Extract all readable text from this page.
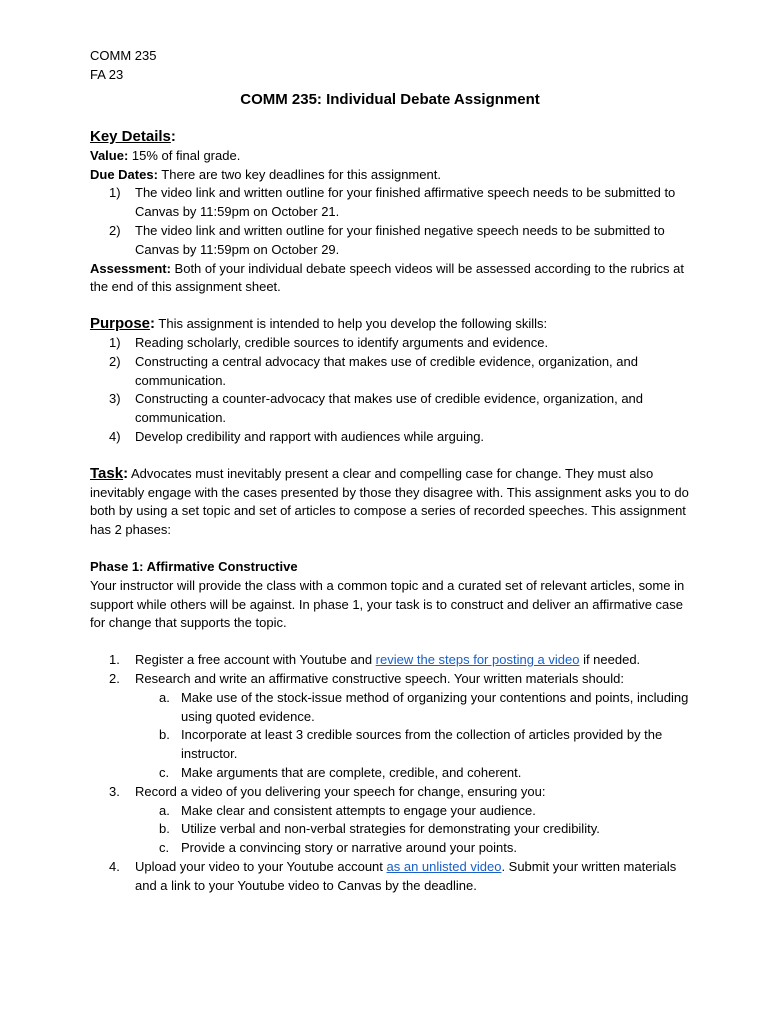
COMM 235
FA 23
COMM 235: Individual Debate Assignment
Key Details:
Value: 15% of final grade.
Due Dates: There are two key deadlines for this assignment.
1)	The video link and written outline for your finished affirmative speech needs to be submitted to Canvas by 11:59pm on October 21.
2)	The video link and written outline for your finished negative speech needs to be submitted to Canvas by 11:59pm on October 29.
Assessment: Both of your individual debate speech videos will be assessed according to the rubrics at the end of this assignment sheet.
Purpose: This assignment is intended to help you develop the following skills:
1)	Reading scholarly, credible sources to identify arguments and evidence.
2)	Constructing a central advocacy that makes use of credible evidence, organization, and communication.
3)	Constructing a counter-advocacy that makes use of credible evidence, organization, and communication.
4)	Develop credibility and rapport with audiences while arguing.
Task: Advocates must inevitably present a clear and compelling case for change. They must also inevitably engage with the cases presented by those they disagree with. This assignment asks you to do both by using a set topic and set of articles to compose a series of recorded speeches. This assignment has 2 phases:
Phase 1: Affirmative Constructive
Your instructor will provide the class with a common topic and a curated set of relevant articles, some in support while others will be against. In phase 1, your task is to construct and deliver an affirmative case for change that supports the topic.
1.	Register a free account with Youtube and review the steps for posting a video if needed.
2.	Research and write an affirmative constructive speech. Your written materials should:
a. Make use of the stock-issue method of organizing your contentions and points, including using quoted evidence.
b. Incorporate at least 3 credible sources from the collection of articles provided by the instructor.
c. Make arguments that are complete, credible, and coherent.
3.	Record a video of you delivering your speech for change, ensuring you:
a. Make clear and consistent attempts to engage your audience.
b. Utilize verbal and non-verbal strategies for demonstrating your credibility.
c. Provide a convincing story or narrative around your points.
4.	Upload your video to your Youtube account as an unlisted video. Submit your written materials and a link to your Youtube video to Canvas by the deadline.
